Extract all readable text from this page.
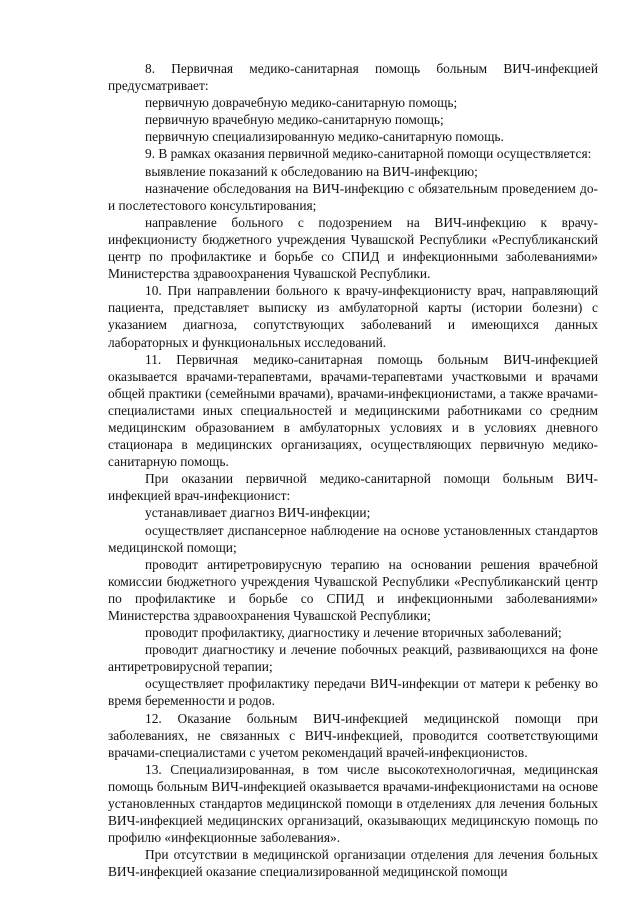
8. Первичная медико-санитарная помощь больным ВИЧ-инфекцией предусматривает:

первичную доврачебную медико-санитарную помощь;

первичную врачебную медико-санитарную помощь;

первичную специализированную медико-санитарную помощь.

9. В рамках оказания первичной медико-санитарной помощи осуществляется:

выявление показаний к обследованию на ВИЧ-инфекцию;

назначение обследования на ВИЧ-инфекцию с обязательным проведением до- и послетестового консультирования;

направление больного с подозрением на ВИЧ-инфекцию к врачу-инфекционисту бюджетного учреждения Чувашской Республики «Республиканский центр по профилактике и борьбе со СПИД и инфекционными заболеваниями» Министерства здравоохранения Чувашской Республики.

10. При направлении больного к врачу-инфекционисту врач, направляющий пациента, представляет выписку из амбулаторной карты (истории болезни) с указанием диагноза, сопутствующих заболеваний и имеющихся данных лабораторных и функциональных исследований.

11. Первичная медико-санитарная помощь больным ВИЧ-инфекцией оказывается врачами-терапевтами, врачами-терапевтами участковыми и врачами общей практики (семейными врачами), врачами-инфекционистами, а также врачами-специалистами иных специальностей и медицинскими работниками со средним медицинским образованием в амбулаторных условиях и в условиях дневного стационара в медицинских организациях, осуществляющих первичную медико-санитарную помощь.

При оказании первичной медико-санитарной помощи больным ВИЧ-инфекцией врач-инфекционист:

устанавливает диагноз ВИЧ-инфекции;

осуществляет диспансерное наблюдение на основе установленных стандартов медицинской помощи;

проводит антиретровирусную терапию на основании решения врачебной комиссии бюджетного учреждения Чувашской Республики «Республиканский центр по профилактике и борьбе со СПИД и инфекционными заболеваниями» Министерства здравоохранения Чувашской Республики;

проводит профилактику, диагностику и лечение вторичных заболеваний;

проводит диагностику и лечение побочных реакций, развивающихся на фоне антиретровирусной терапии;

осуществляет профилактику передачи ВИЧ-инфекции от матери к ребенку во время беременности и родов.

12. Оказание больным ВИЧ-инфекцией медицинской помощи при заболеваниях, не связанных с ВИЧ-инфекцией, проводится соответствующими врачами-специалистами с учетом рекомендаций врачей-инфекционистов.

13. Специализированная, в том числе высокотехнологичная, медицинская помощь больным ВИЧ-инфекцией оказывается врачами-инфекционистами на основе установленных стандартов медицинской помощи в отделениях для лечения больных ВИЧ-инфекцией медицинских организаций, оказывающих медицинскую помощь по профилю «инфекционные заболевания».

При отсутствии в медицинской организации отделения для лечения больных ВИЧ-инфекцией оказание специализированной медицинской помощи
